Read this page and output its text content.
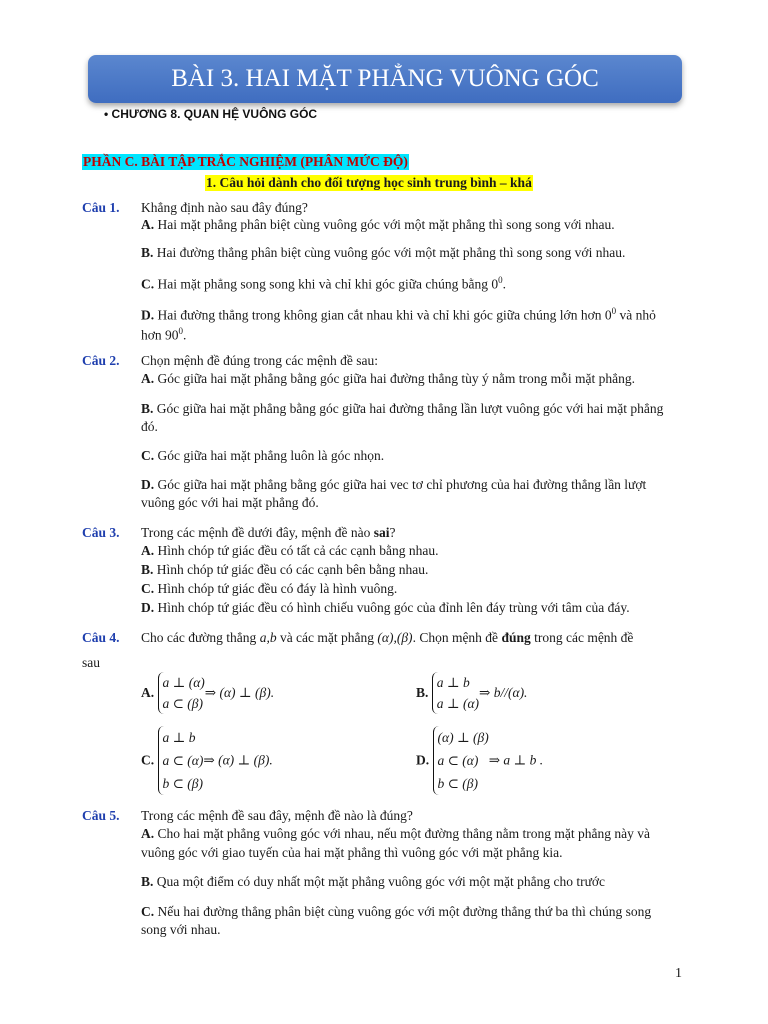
BÀI 3. HAI MẶT PHẲNG VUÔNG GÓC
• CHƯƠNG 8. QUAN HỆ VUÔNG GÓC
PHẦN C. BÀI TẬP TRẮC NGHIỆM (PHÂN MỨC ĐỘ)
1. Câu hỏi dành cho đối tượng học sinh trung bình – khá
Câu 1. Khẳng định nào sau đây đúng?
A. Hai mặt phẳng phân biệt cùng vuông góc với một mặt phẳng thì song song với nhau.
B. Hai đường thẳng phân biệt cùng vuông góc với một mặt phẳng thì song song với nhau.
C. Hai mặt phẳng song song khi và chỉ khi góc giữa chúng bằng $0^0$.
D. Hai đường thẳng trong không gian cắt nhau khi và chỉ khi góc giữa chúng lớn hơn $0^0$ và nhỏ
hơn $90^0$.
Câu 2. Chọn mệnh đề đúng trong các mệnh đề sau:
A. Góc giữa hai mặt phẳng bằng góc giữa hai đường thẳng tùy ý nằm trong mỗi mặt phẳng.
B. Góc giữa hai mặt phẳng bằng góc giữa hai đường thẳng lần lượt vuông góc với hai mặt phẳng
đó.
C. Góc giữa hai mặt phẳng luôn là góc nhọn.
D. Góc giữa hai mặt phẳng bằng góc giữa hai vec tơ chỉ phương của hai đường thẳng lần lượt
vuông góc với hai mặt phẳng đó.
Câu 3. Trong các mệnh đề dưới đây, mệnh đề nào sai?
A. Hình chóp tứ giác đều có tất cả các cạnh bằng nhau.
B. Hình chóp tứ giác đều có các cạnh bên bằng nhau.
C. Hình chóp tứ giác đều có đáy là hình vuông.
D. Hình chóp tứ giác đều có hình chiếu vuông góc của đỉnh lên đáy trùng với tâm của đáy.
Câu 4. Cho các đường thẳng a,b và các mặt phẳng (α),(β). Chọn mệnh đề đúng trong các mệnh đề
sau
A.
a ⊥ (α)
a ⊂ (β)
⇒ (α) ⊥ (β).	B.
a ⊥ b
a ⊥ (α)
⇒ b//(α).
C.
a ⊥ b
a ⊂ (α)
b ⊂ (β)
⇒ (α) ⊥ (β).	D.
(α) ⊥ (β)
a ⊂ (α)
b ⊂ (β)
⇒ a ⊥ b .
Câu 5. Trong các mệnh đề sau đây, mệnh đề nào là đúng?
A. Cho hai mặt phẳng vuông góc với nhau, nếu một đường thẳng nằm trong mặt phẳng này và
vuông góc với giao tuyến của hai mặt phẳng thì vuông góc với mặt phẳng kia.
B. Qua một điểm có duy nhất một mặt phẳng vuông góc với một mặt phẳng cho trước
C. Nếu hai đường thẳng phân biệt cùng vuông góc với một đường thẳng thứ ba thì chúng song
song với nhau.
1
